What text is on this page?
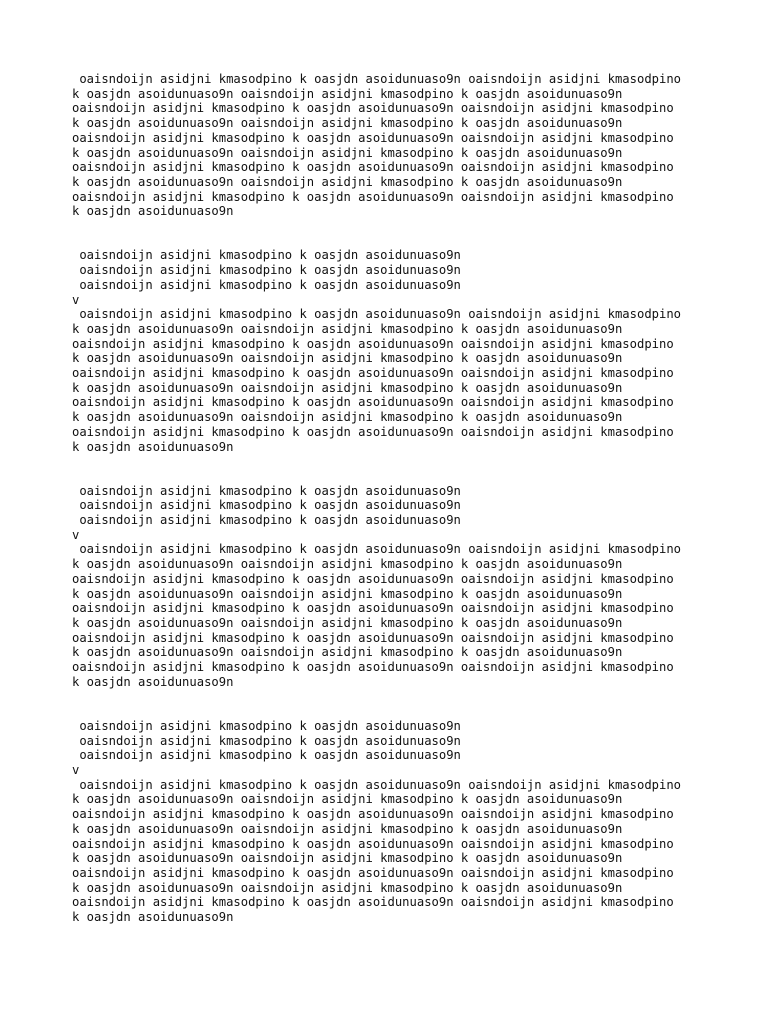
oaisndoijn asidjni kmasodpino k oasjdn asoidunuaso9n oaisndoijn asidjni kmasodpino
k oasjdn asoidunuaso9n oaisndoijn asidjni kmasodpino k oasjdn asoidunuaso9n
oaisndoijn asidjni kmasodpino k oasjdn asoidunuaso9n oaisndoijn asidjni kmasodpino
k oasjdn asoidunuaso9n oaisndoijn asidjni kmasodpino k oasjdn asoidunuaso9n
oaisndoijn asidjni kmasodpino k oasjdn asoidunuaso9n oaisndoijn asidjni kmasodpino
k oasjdn asoidunuaso9n oaisndoijn asidjni kmasodpino k oasjdn asoidunuaso9n
oaisndoijn asidjni kmasodpino k oasjdn asoidunuaso9n oaisndoijn asidjni kmasodpino
k oasjdn asoidunuaso9n oaisndoijn asidjni kmasodpino k oasjdn asoidunuaso9n
oaisndoijn asidjni kmasodpino k oasjdn asoidunuaso9n oaisndoijn asidjni kmasodpino
k oasjdn asoidunuaso9n
oaisndoijn asidjni kmasodpino k oasjdn asoidunuaso9n
oaisndoijn asidjni kmasodpino k oasjdn asoidunuaso9n
oaisndoijn asidjni kmasodpino k oasjdn asoidunuaso9n
v
oaisndoijn asidjni kmasodpino k oasjdn asoidunuaso9n oaisndoijn asidjni kmasodpino
k oasjdn asoidunuaso9n oaisndoijn asidjni kmasodpino k oasjdn asoidunuaso9n
oaisndoijn asidjni kmasodpino k oasjdn asoidunuaso9n oaisndoijn asidjni kmasodpino
k oasjdn asoidunuaso9n oaisndoijn asidjni kmasodpino k oasjdn asoidunuaso9n
oaisndoijn asidjni kmasodpino k oasjdn asoidunuaso9n oaisndoijn asidjni kmasodpino
k oasjdn asoidunuaso9n oaisndoijn asidjni kmasodpino k oasjdn asoidunuaso9n
oaisndoijn asidjni kmasodpino k oasjdn asoidunuaso9n oaisndoijn asidjni kmasodpino
k oasjdn asoidunuaso9n oaisndoijn asidjni kmasodpino k oasjdn asoidunuaso9n
oaisndoijn asidjni kmasodpino k oasjdn asoidunuaso9n oaisndoijn asidjni kmasodpino
k oasjdn asoidunuaso9n
oaisndoijn asidjni kmasodpino k oasjdn asoidunuaso9n
oaisndoijn asidjni kmasodpino k oasjdn asoidunuaso9n
oaisndoijn asidjni kmasodpino k oasjdn asoidunuaso9n
v
oaisndoijn asidjni kmasodpino k oasjdn asoidunuaso9n oaisndoijn asidjni kmasodpino
k oasjdn asoidunuaso9n oaisndoijn asidjni kmasodpino k oasjdn asoidunuaso9n
oaisndoijn asidjni kmasodpino k oasjdn asoidunuaso9n oaisndoijn asidjni kmasodpino
k oasjdn asoidunuaso9n oaisndoijn asidjni kmasodpino k oasjdn asoidunuaso9n
oaisndoijn asidjni kmasodpino k oasjdn asoidunuaso9n oaisndoijn asidjni kmasodpino
k oasjdn asoidunuaso9n oaisndoijn asidjni kmasodpino k oasjdn asoidunuaso9n
oaisndoijn asidjni kmasodpino k oasjdn asoidunuaso9n oaisndoijn asidjni kmasodpino
k oasjdn asoidunuaso9n oaisndoijn asidjni kmasodpino k oasjdn asoidunuaso9n
oaisndoijn asidjni kmasodpino k oasjdn asoidunuaso9n oaisndoijn asidjni kmasodpino
k oasjdn asoidunuaso9n
oaisndoijn asidjni kmasodpino k oasjdn asoidunuaso9n
oaisndoijn asidjni kmasodpino k oasjdn asoidunuaso9n
oaisndoijn asidjni kmasodpino k oasjdn asoidunuaso9n
v
oaisndoijn asidjni kmasodpino k oasjdn asoidunuaso9n oaisndoijn asidjni kmasodpino
k oasjdn asoidunuaso9n oaisndoijn asidjni kmasodpino k oasjdn asoidunuaso9n
oaisndoijn asidjni kmasodpino k oasjdn asoidunuaso9n oaisndoijn asidjni kmasodpino
k oasjdn asoidunuaso9n oaisndoijn asidjni kmasodpino k oasjdn asoidunuaso9n
oaisndoijn asidjni kmasodpino k oasjdn asoidunuaso9n oaisndoijn asidjni kmasodpino
k oasjdn asoidunuaso9n oaisndoijn asidjni kmasodpino k oasjdn asoidunuaso9n
oaisndoijn asidjni kmasodpino k oasjdn asoidunuaso9n oaisndoijn asidjni kmasodpino
k oasjdn asoidunuaso9n oaisndoijn asidjni kmasodpino k oasjdn asoidunuaso9n
oaisndoijn asidjni kmasodpino k oasjdn asoidunuaso9n oaisndoijn asidjni kmasodpino
k oasjdn asoidunuaso9n
